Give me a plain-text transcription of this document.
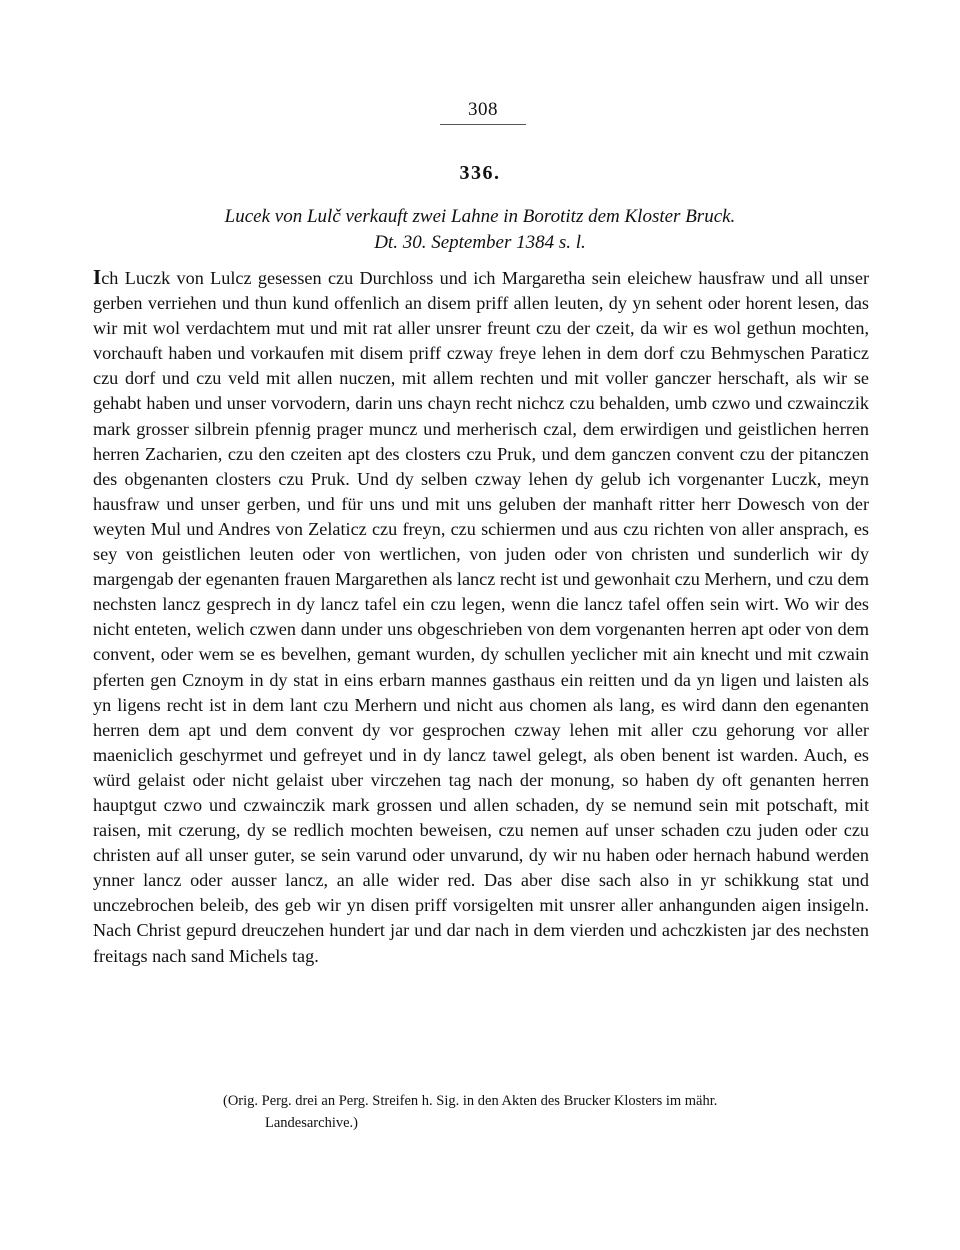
308
336.
Lucek von Lulč verkauft zwei Lahne in Borotitz dem Kloster Bruck.
Dt. 30. September 1384 s. l.

Ich Luczk von Lulcz gesessen czu Durchloss und ich Margaretha sein eleichew hausfraw und all unser gerben verriehen und thun kund offenlich an disem priff allen leuten, dy yn sehent oder horent lesen, das wir mit wol verdachtem mut und mit rat aller unsrer freunt czu der czeit, da wir es wol gethun mochten, vorchauft haben und vorkaufen mit disem priff czway freye lehen in dem dorf czu Behmyschen Paraticz czu dorf und czu veld mit allen nuczen, mit allem rechten und mit voller ganczer herschaft, als wir se gehabt haben und unser vorvodern, darin uns chayn recht nichcz czu behalden, umb czwo und czwainczik mark grosser silbrein pfennig prager muncz und merherisch czal, dem erwirdigen und geistlichen herren herren Zacharien, czu den czeiten apt des closters czu Pruk, und dem ganczen convent czu der pitanczen des obgenanten closters czu Pruk. Und dy selben czway lehen dy gelub ich vorgenanter Luczk, meyn hausfraw und unser gerben, und für uns und mit uns geluben der manhaft ritter herr Dowesch von der weyten Mul und Andres von Zelaticz czu freyn, czu schiermen und aus czu richten von aller ansprach, es sey von geistlichen leuten oder von wertlichen, von juden oder von christen und sunderlich wir dy margengab der egenanten frauen Margarethen als lancz recht ist und gewonhait czu Merhern, und czu dem nechsten lancz gesprech in dy lancz tafel ein czu legen, wenn die lancz tafel offen sein wirt. Wo wir des nicht enteten, welich czwen dann under uns obgeschrieben von dem vorgenanten herren apt oder von dem convent, oder wem se es bevelhen, gemant wurden, dy schullen yeclicher mit ain knecht und mit czwain pferten gen Cznoym in dy stat in eins erbarn mannes gasthaus ein reitten und da yn ligen und laisten als yn ligens recht ist in dem lant czu Merhern und nicht aus chomen als lang, es wird dann den egenanten herren dem apt und dem convent dy vor gesprochen czway lehen mit aller czu gehorung vor aller maeniclich geschyrmet und gefreyet und in dy lancz tawel gelegt, als oben benent ist warden. Auch, es würd gelaist oder nicht gelaist uber virczehen tag nach der monung, so haben dy oft genanten herren hauptgut czwo und czwainczik mark grossen und allen schaden, dy se nemund sein mit potschaft, mit raisen, mit czerung, dy se redlich mochten beweisen, czu nemen auf unser schaden czu juden oder czu christen auf all unser guter, se sein varund oder unvarund, dy wir nu haben oder hernach habund werden ynner lancz oder ausser lancz, an alle wider red. Das aber dise sach also in yr schikkung stat und unczebrochen beleib, des geb wir yn disen priff vorsigelten mit unsrer aller anhangunden aigen insigeln. Nach Christ gepurd dreuczehen hundert jar und dar nach in dem vierden und achczkisten jar des nechsten freitags nach sand Michels tag.

(Orig. Perg. drei an Perg. Streifen h. Sig. in den Akten des Brucker Klosters im mähr.
Landesarchive.)
